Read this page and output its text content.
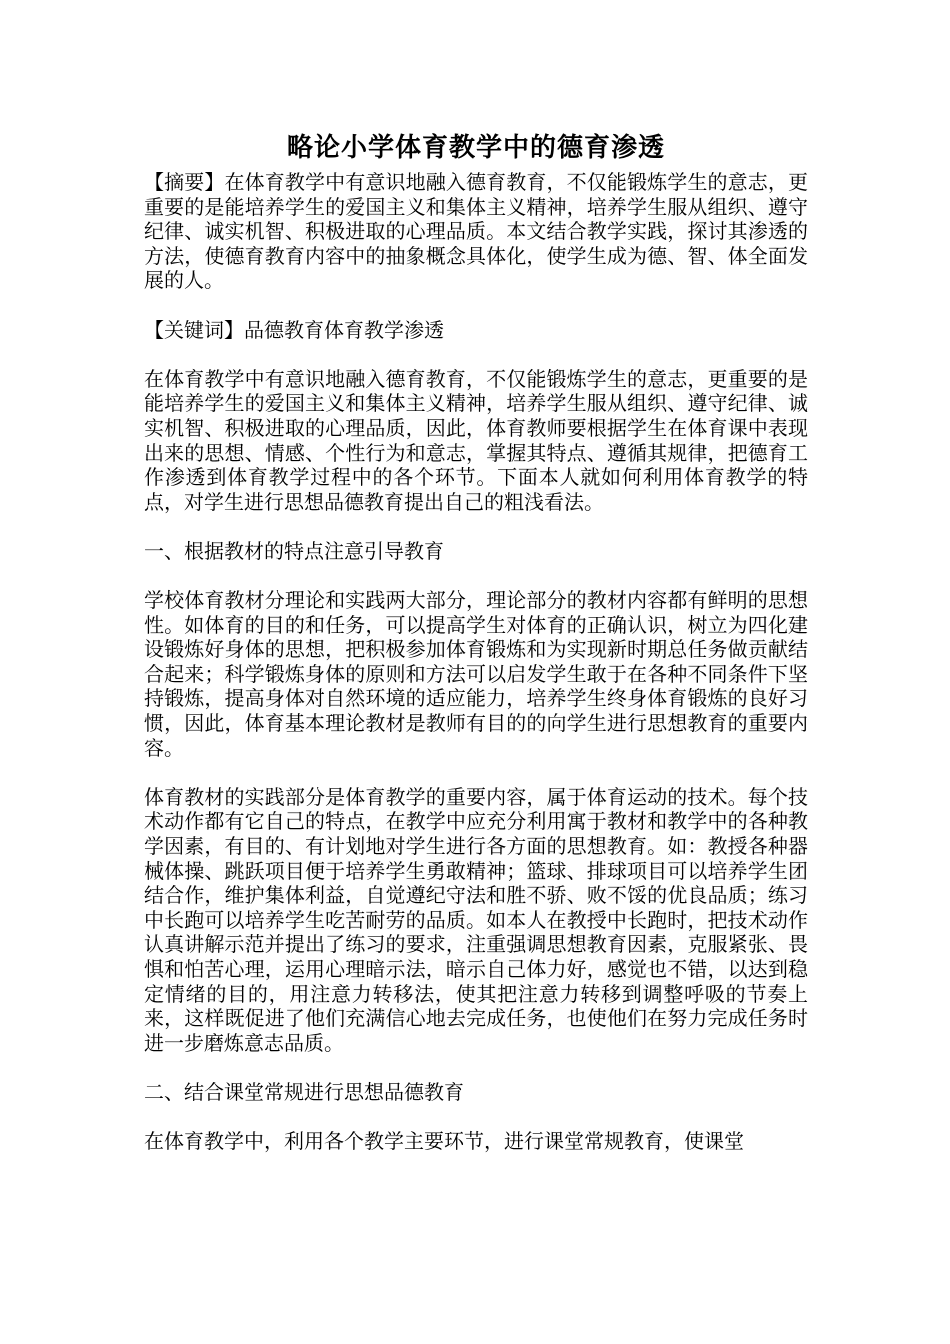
略论小学体育教学中的德育渗透

【摘要】在体育教学中有意识地融入德育教育，不仅能锻炼学生的意志，更重要的是能培养学生的爱国主义和集体主义精神，培养学生服从组织、遵守纪律、诚实机智、积极进取的心理品质。本文结合教学实践，探讨其渗透的方法，使德育教育内容中的抽象概念具体化，使学生成为德、智、体全面发展的人。

【关键词】品德教育体育教学渗透

在体育教学中有意识地融入德育教育，不仅能锻炼学生的意志，更重要的是能培养学生的爱国主义和集体主义精神，培养学生服从组织、遵守纪律、诚实机智、积极进取的心理品质，因此，体育教师要根据学生在体育课中表现出来的思想、情感、个性行为和意志，掌握其特点、遵循其规律，把德育工作渗透到体育教学过程中的各个环节。下面本人就如何利用体育教学的特点，对学生进行思想品德教育提出自己的粗浅看法。

一、根据教材的特点注意引导教育

学校体育教材分理论和实践两大部分，理论部分的教材内容都有鲜明的思想性。如体育的目的和任务，可以提高学生对体育的正确认识，树立为四化建设锻炼好身体的思想，把积极参加体育锻炼和为实现新时期总任务做贡献结合起来；科学锻炼身体的原则和方法可以启发学生敢于在各种不同条件下坚持锻炼，提高身体对自然环境的适应能力，培养学生终身体育锻炼的良好习惯，因此，体育基本理论教材是教师有目的的向学生进行思想教育的重要内容。

体育教材的实践部分是体育教学的重要内容，属于体育运动的技术。每个技术动作都有它自己的特点，在教学中应充分利用寓于教材和教学中的各种教学因素，有目的、有计划地对学生进行各方面的思想教育。如：教授各种器械体操、跳跃项目便于培养学生勇敢精神；篮球、排球项目可以培养学生团结合作，维护集体利益，自觉遵纪守法和胜不骄、败不馁的优良品质；练习中长跑可以培养学生吃苦耐劳的品质。如本人在教授中长跑时，把技术动作认真讲解示范并提出了练习的要求，注重强调思想教育因素，克服紧张、畏惧和怕苦心理，运用心理暗示法，暗示自己体力好，感觉也不错，以达到稳定情绪的目的，用注意力转移法，使其把注意力转移到调整呼吸的节奏上来，这样既促进了他们充满信心地去完成任务，也使他们在努力完成任务时进一步磨炼意志品质。

二、结合课堂常规进行思想品德教育

在体育教学中，利用各个教学主要环节，进行课堂常规教育，使课堂
